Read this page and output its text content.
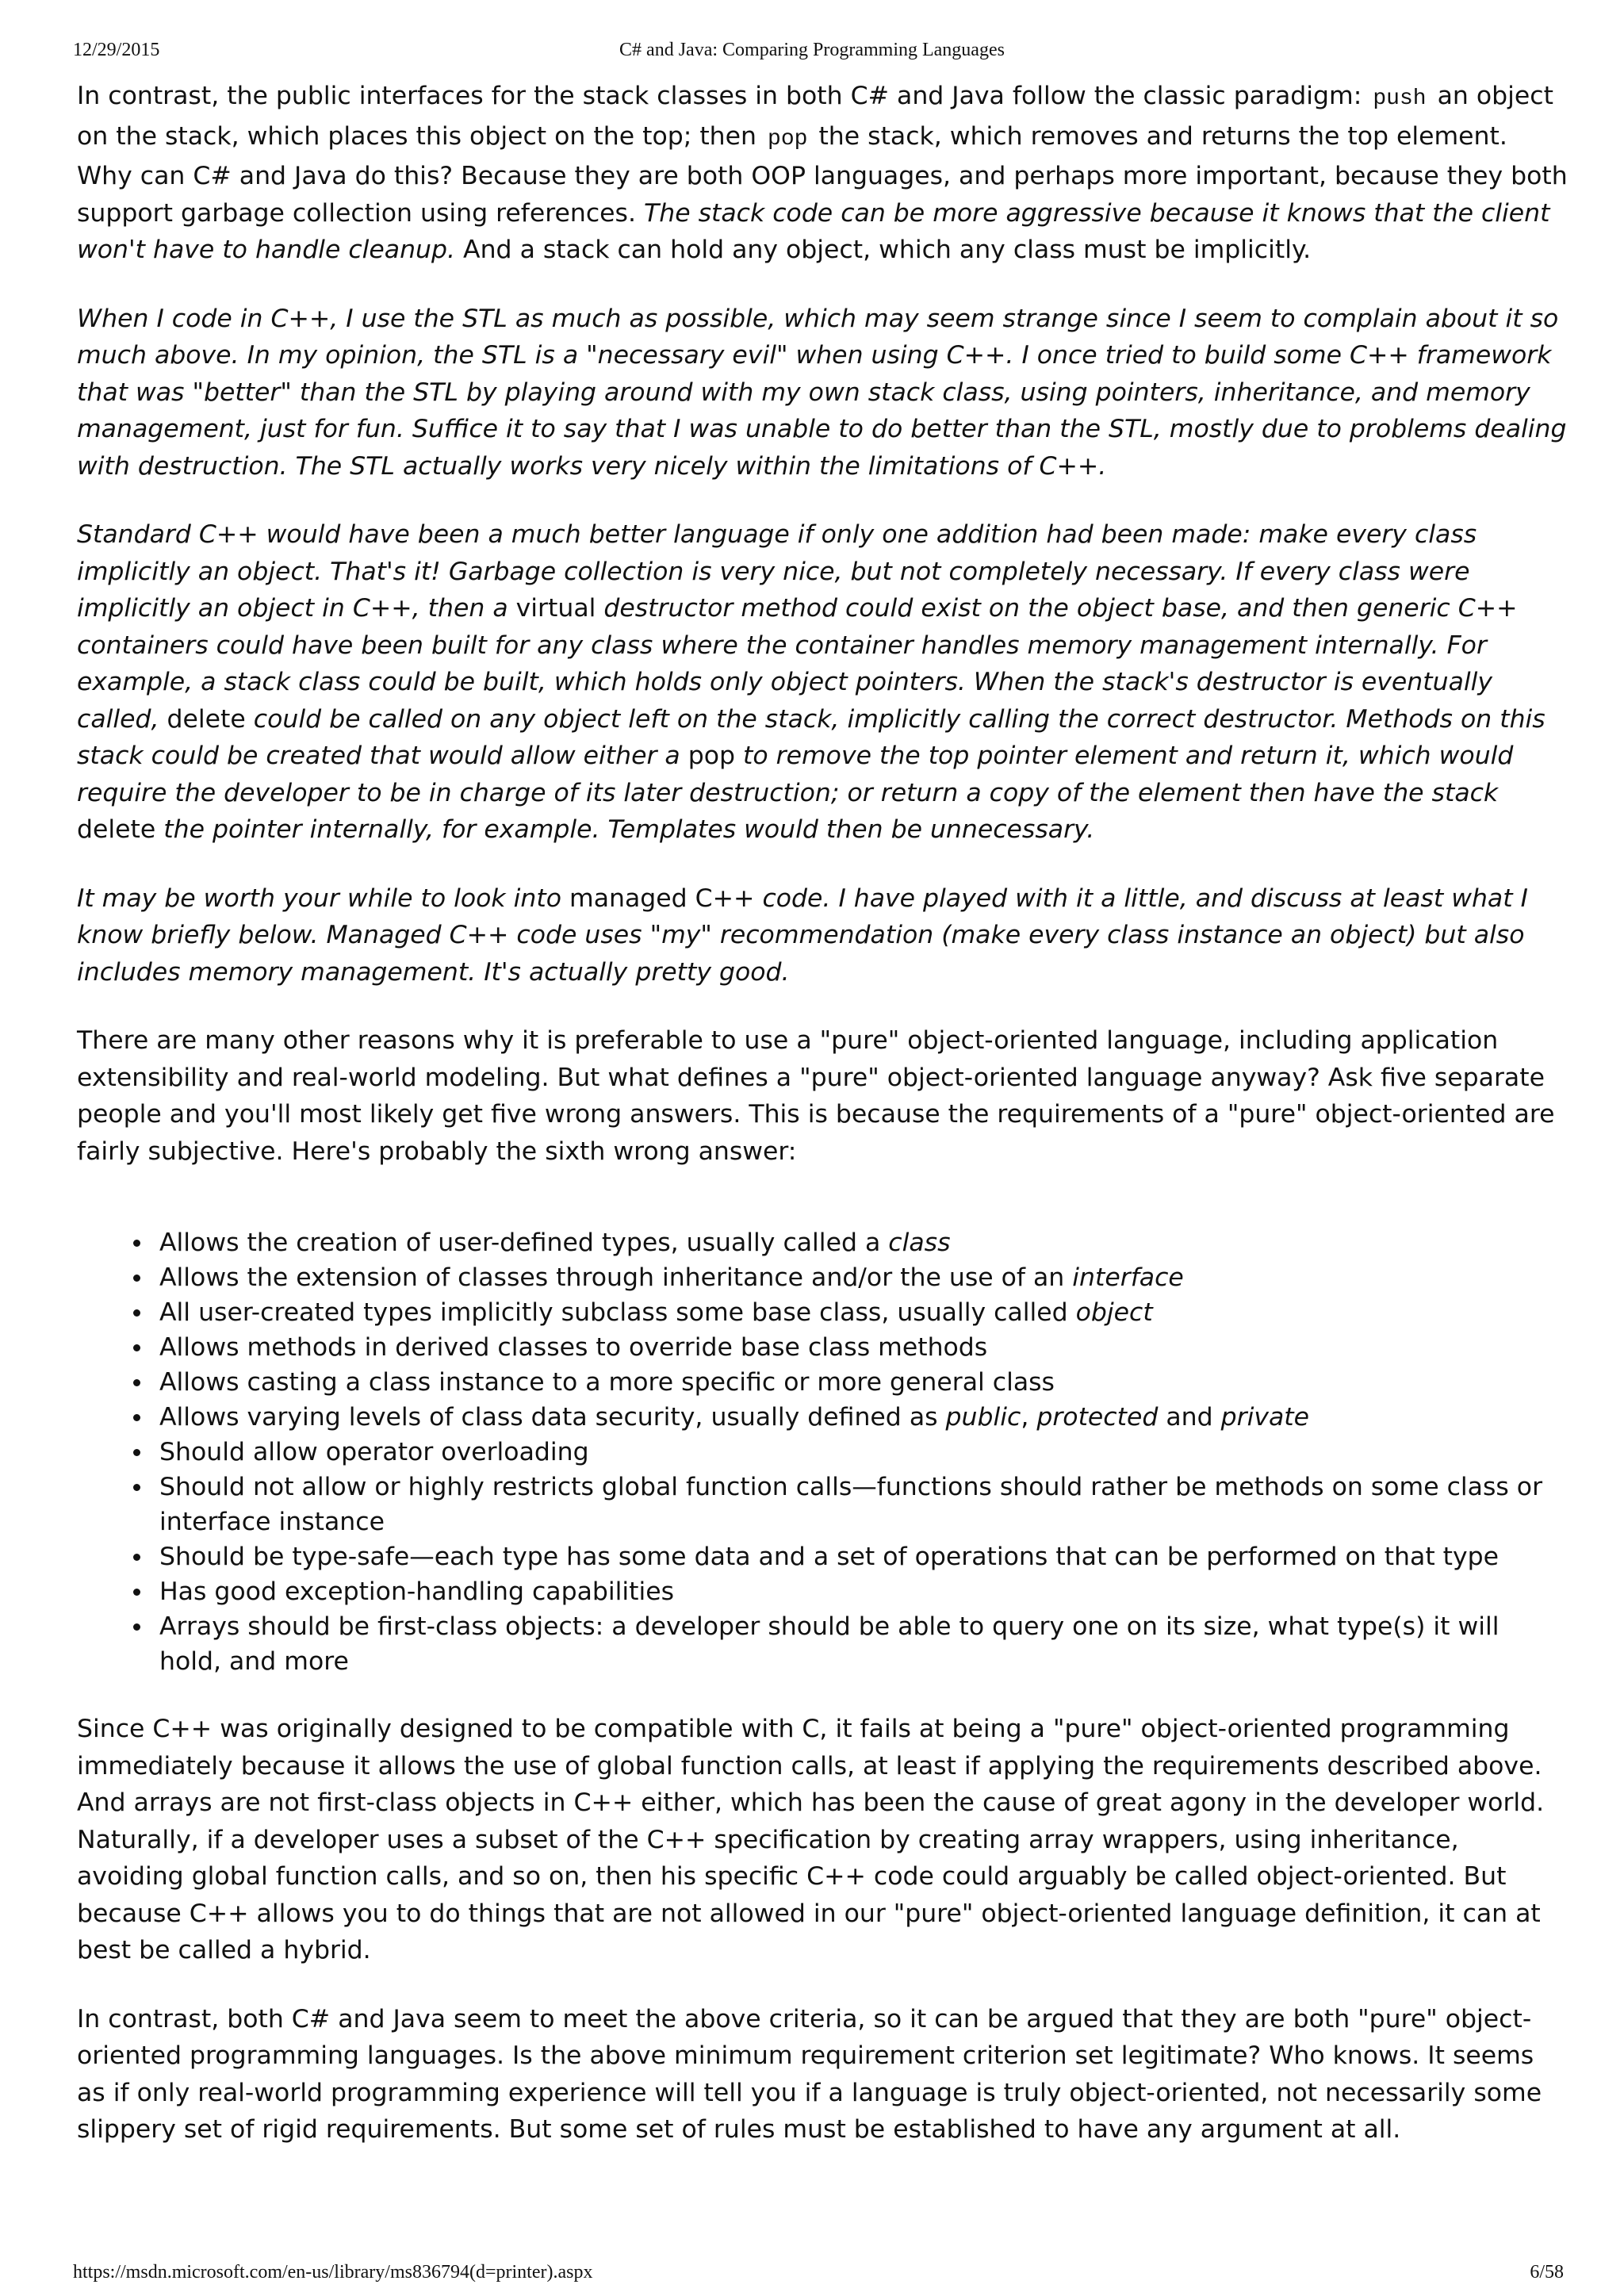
12/29/2015	C# and Java: Comparing Programming Languages

In contrast, the public interfaces for the stack classes in both C# and Java follow the classic paradigm: push an object on the stack, which places this object on the top; then pop the stack, which removes and returns the top element. Why can C# and Java do this? Because they are both OOP languages, and perhaps more important, because they both support garbage collection using references. The stack code can be more aggressive because it knows that the client won't have to handle cleanup. And a stack can hold any object, which any class must be implicitly.

When I code in C++, I use the STL as much as possible, which may seem strange since I seem to complain about it so much above. In my opinion, the STL is a "necessary evil" when using C++. I once tried to build some C++ framework that was "better" than the STL by playing around with my own stack class, using pointers, inheritance, and memory management, just for fun. Suffice it to say that I was unable to do better than the STL, mostly due to problems dealing with destruction. The STL actually works very nicely within the limitations of C++.

Standard C++ would have been a much better language if only one addition had been made: make every class implicitly an object. That's it! Garbage collection is very nice, but not completely necessary. If every class were implicitly an object in C++, then a virtual destructor method could exist on the object base, and then generic C++ containers could have been built for any class where the container handles memory management internally. For example, a stack class could be built, which holds only object pointers. When the stack's destructor is eventually called, delete could be called on any object left on the stack, implicitly calling the correct destructor. Methods on this stack could be created that would allow either a pop to remove the top pointer element and return it, which would require the developer to be in charge of its later destruction; or return a copy of the element then have the stack delete the pointer internally, for example. Templates would then be unnecessary.

It may be worth your while to look into managed C++ code. I have played with it a little, and discuss at least what I know briefly below. Managed C++ code uses "my" recommendation (make every class instance an object) but also includes memory management. It's actually pretty good.

There are many other reasons why it is preferable to use a "pure" object-oriented language, including application extensibility and real-world modeling. But what defines a "pure" object-oriented language anyway? Ask five separate people and you'll most likely get five wrong answers. This is because the requirements of a "pure" object-oriented are fairly subjective. Here's probably the sixth wrong answer:

Allows the creation of user-defined types, usually called a class
Allows the extension of classes through inheritance and/or the use of an interface
All user-created types implicitly subclass some base class, usually called object
Allows methods in derived classes to override base class methods
Allows casting a class instance to a more specific or more general class
Allows varying levels of class data security, usually defined as public, protected and private
Should allow operator overloading
Should not allow or highly restricts global function calls—functions should rather be methods on some class or interface instance
Should be type-safe—each type has some data and a set of operations that can be performed on that type
Has good exception-handling capabilities
Arrays should be first-class objects: a developer should be able to query one on its size, what type(s) it will hold, and more

Since C++ was originally designed to be compatible with C, it fails at being a "pure" object-oriented programming immediately because it allows the use of global function calls, at least if applying the requirements described above. And arrays are not first-class objects in C++ either, which has been the cause of great agony in the developer world. Naturally, if a developer uses a subset of the C++ specification by creating array wrappers, using inheritance, avoiding global function calls, and so on, then his specific C++ code could arguably be called object-oriented. But because C++ allows you to do things that are not allowed in our "pure" object-oriented language definition, it can at best be called a hybrid.

In contrast, both C# and Java seem to meet the above criteria, so it can be argued that they are both "pure" object-oriented programming languages. Is the above minimum requirement criterion set legitimate? Who knows. It seems as if only real-world programming experience will tell you if a language is truly object-oriented, not necessarily some slippery set of rigid requirements. But some set of rules must be established to have any argument at all.

https://msdn.microsoft.com/en-us/library/ms836794(d=printer).aspx	6/58
